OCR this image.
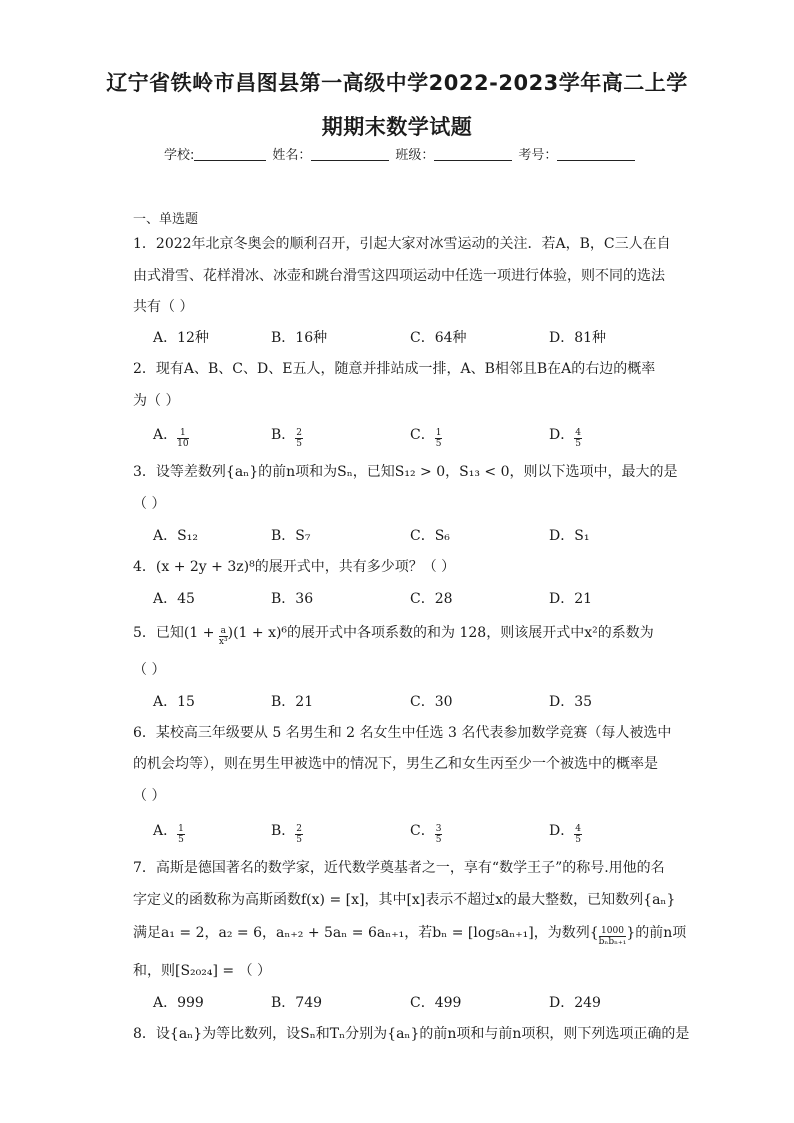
辽宁省铁岭市昌图县第一高级中学2022-2023学年高二上学
期期末数学试题
学校:	姓名：	班级：	考号：
一、单选题
1．2022年北京冬奥会的顺利召开，引起大家对冰雪运动的关注．若A，B，C三人在自
由式滑雪、花样滑冰、冰壶和跳台滑雪这四项运动中任选一项进行体验，则不同的选法
共有（ ）
A．12种	B．16种	C．64种	D．81种
2．现有A、B、C、D、E五人，随意并排站成一排，A、B相邻且B在A的右边的概率
为（ ）
A． $\frac{1}{10}$	B． $\frac{2}{5}$	C． $\frac{1}{5}$	D． $\frac{4}{5}$
3．设等差数列{aₙ}的前n项和为Sₙ，已知S₁₂ > 0，S₁₃ < 0，则以下选项中，最大的是
（ ）
A．S₁₂	B．S₇	C．S₆	D．S₁
4．(x + 2y + 3z)⁸的展开式中，共有多少项？（ ）
A．45	B．36	C．28	D．21
5．已知$(1 + \frac{a}{\text{x³}} )(1 + x)^6$的展开式中各项系数的和为 128，则该展开式中x²的系数为
（ ）
A．15	B．21	C．30	D．35
6．某校高三年级要从 5 名男生和 2 名女生中任选 3 名代表参加数学竞赛（每人被选中
的机会均等），则在男生甲被选中的情况下，男生乙和女生丙至少一个被选中的概率是
（ ）
A． $\frac{1}{5}$	B． $\frac{2}{5}$	C． $\frac{3}{5}$	D． $\frac{4}{5}$
7．高斯是德国著名的数学家，近代数学奠基者之一，享有“数学王子”的称号.用他的名
字定义的函数称为高斯函数f(x) = [x]，其中[x]表示不超过x的最大整数，已知数列{aₙ}
满足a₁ = 2，a₂ = 6，aₙ₊₂ + 5aₙ = 6aₙ₊₁，若bₙ = [log₅aₙ₊₁]，为数列{ $\frac{1000}{\text{bₙbₙ₊₁}}$ }的前n项
和，则[S₂₀₂₄] = （ ）
A．999	B．749	C．499	D．249
8．设{aₙ}为等比数列，设Sₙ和Tₙ分别为{aₙ}的前n项和与前n项积，则下列选项正确的是
